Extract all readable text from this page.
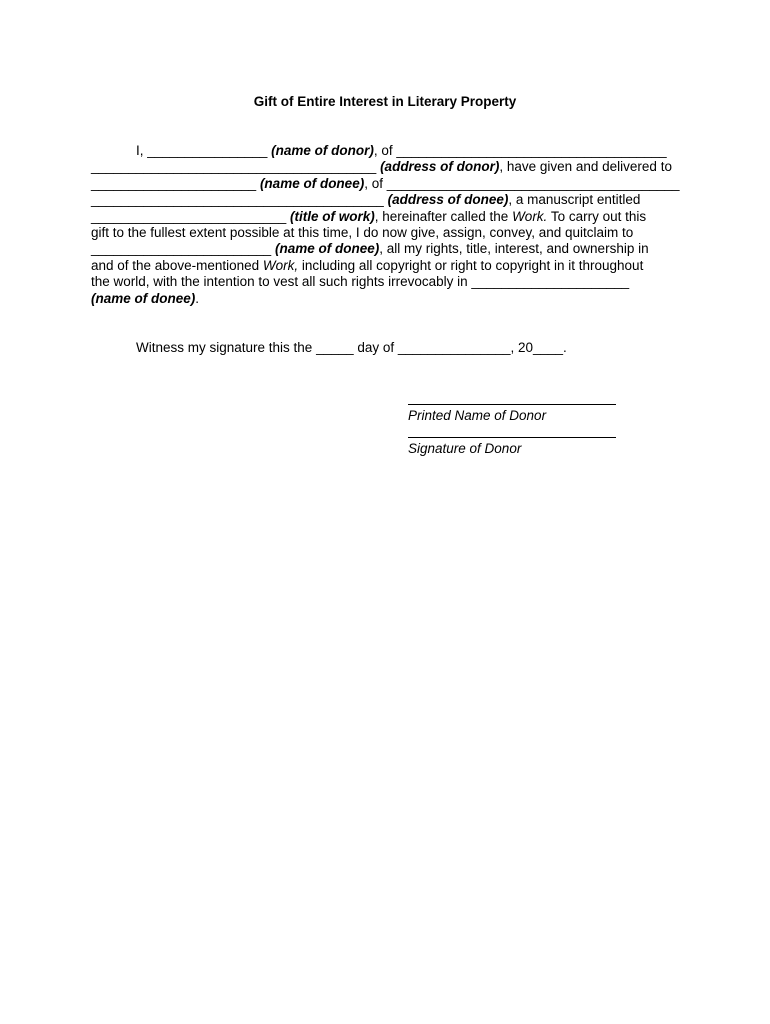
Gift of Entire Interest in Literary Property
I, ________________ (name of donor), of ____________________________________
______________________________________ (address of donor), have given and delivered to
______________________ (name of donee), of _______________________________________
_______________________________________ (address of donee), a manuscript entitled
__________________________ (title of work), hereinafter called the Work. To carry out this
gift to the fullest extent possible at this time, I do now give, assign, convey, and quitclaim to
________________________ (name of donee), all my rights, title, interest, and ownership in
and of the above-mentioned Work, including all copyright or right to copyright in it throughout
the world, with the intention to vest all such rights irrevocably in _____________________
(name of donee).
Witness my signature this the _____ day of _______________, 20____.
Printed Name of Donor
Signature of Donor
